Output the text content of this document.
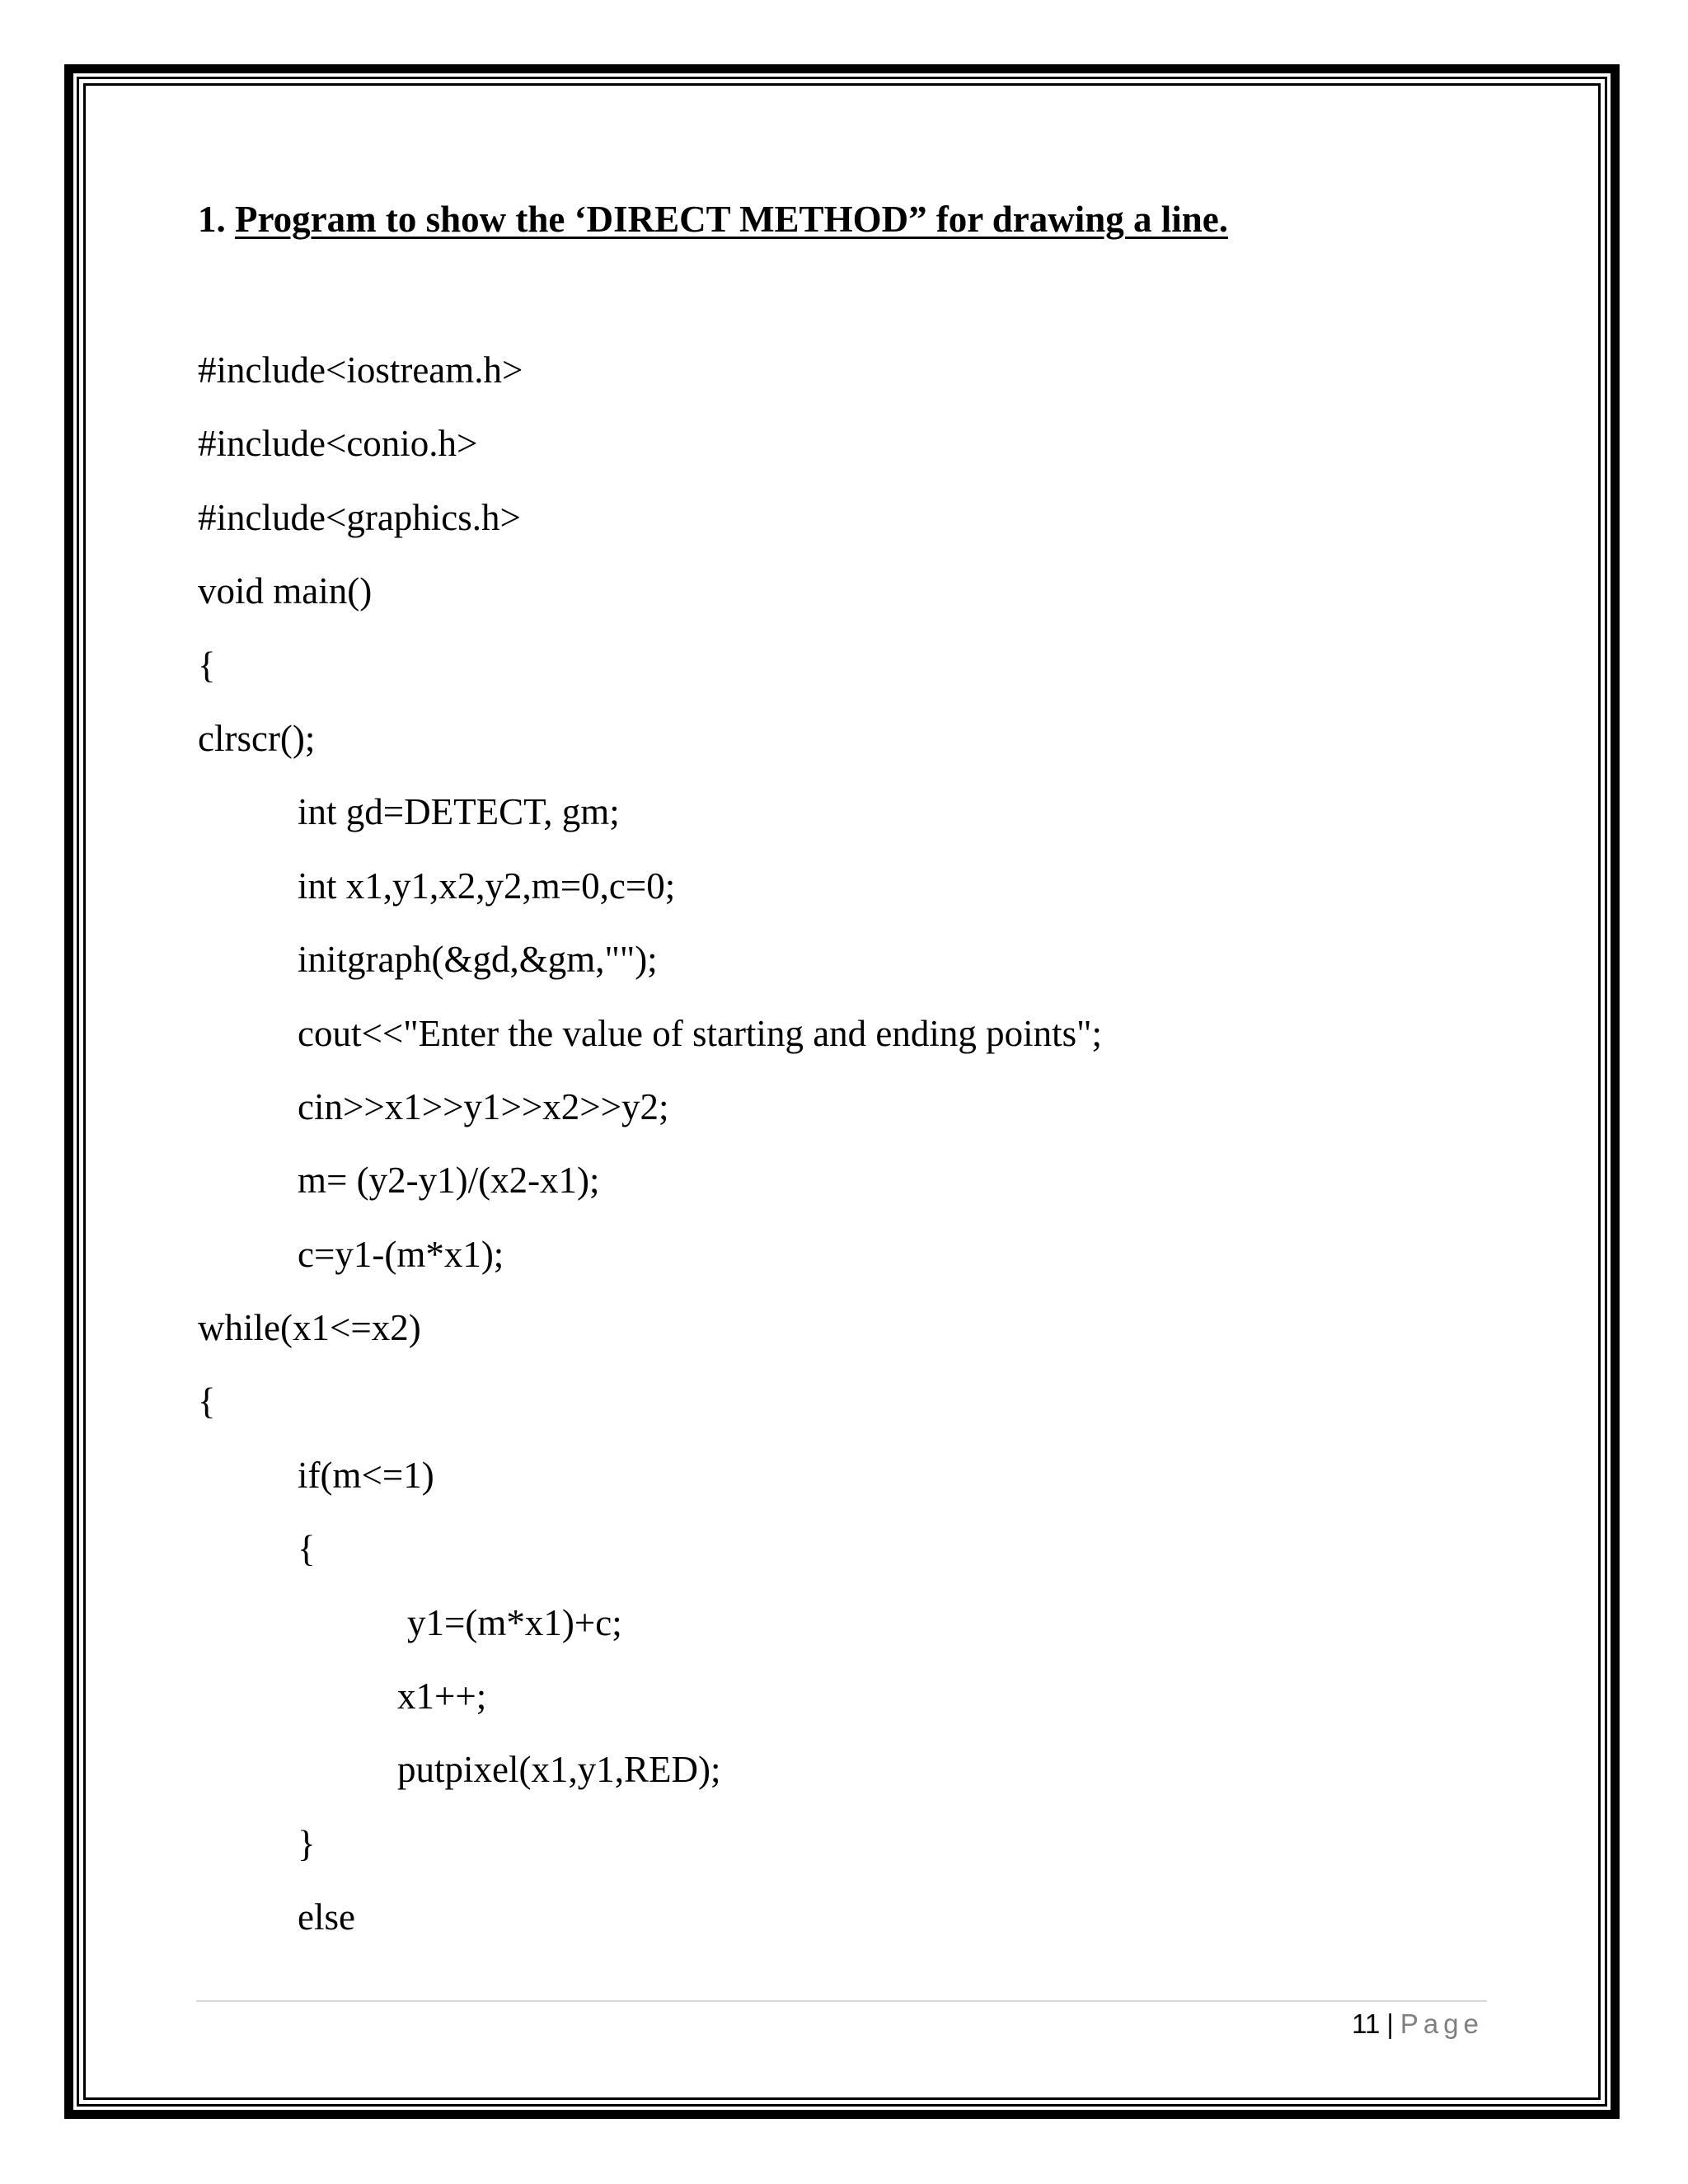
1. Program to show the ‘DIRECT METHOD” for drawing a line.
#include<iostream.h>
#include<conio.h>
#include<graphics.h>
void main()
{
clrscr();
int gd=DETECT, gm;
int x1,y1,x2,y2,m=0,c=0;
initgraph(&gd,&gm,"");
cout<<"Enter the value of starting and ending points";
cin>>x1>>y1>>x2>>y2;
m= (y2-y1)/(x2-x1);
c=y1-(m*x1);
while(x1<=x2)
{
if(m<=1)
{
y1=(m*x1)+c;
x1++;
putpixel(x1,y1,RED);
}
else
11 | Page
